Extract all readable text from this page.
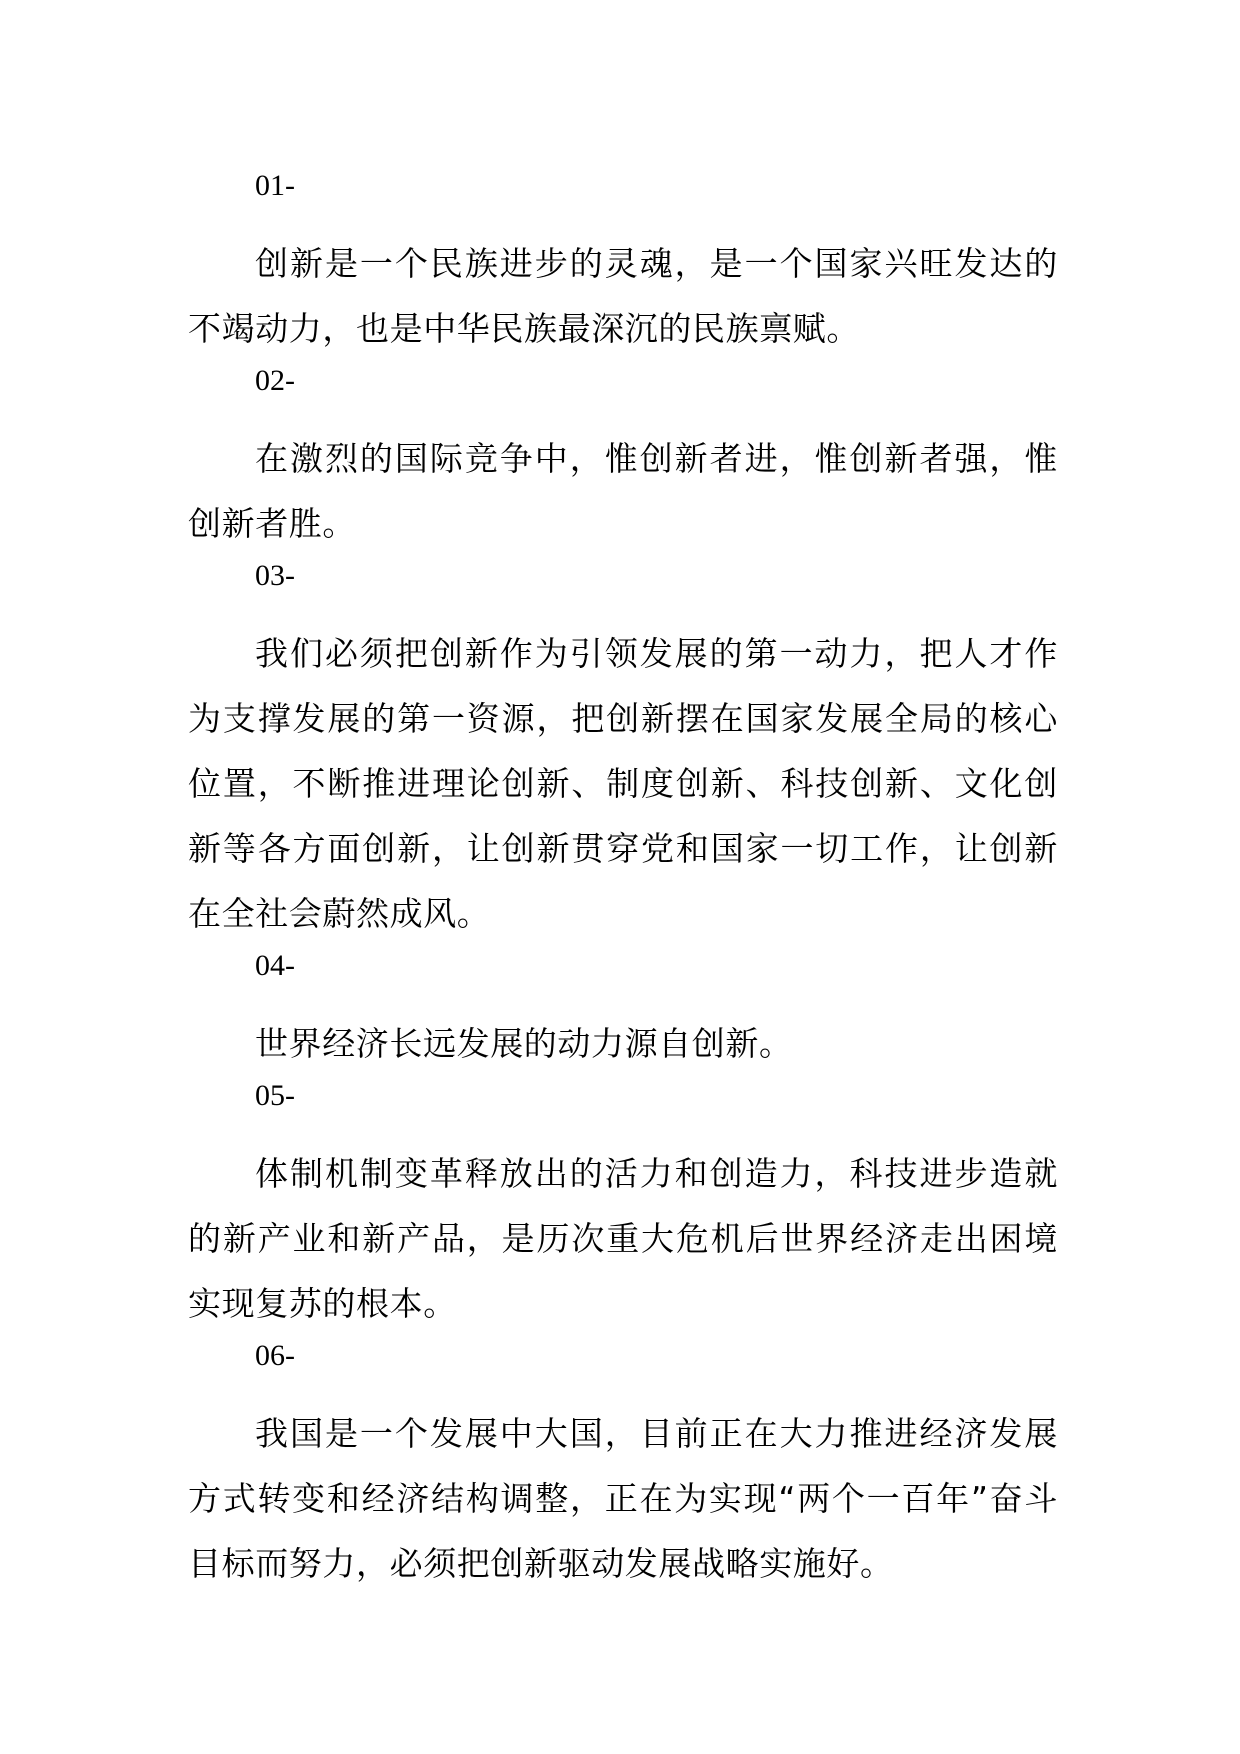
01-
创新是一个民族进步的灵魂，是一个国家兴旺发达的不竭动力，也是中华民族最深沉的民族禀赋。
02-
在激烈的国际竞争中，惟创新者进，惟创新者强，惟创新者胜。
03-
我们必须把创新作为引领发展的第一动力，把人才作为支撑发展的第一资源，把创新摆在国家发展全局的核心位置，不断推进理论创新、制度创新、科技创新、文化创新等各方面创新，让创新贯穿党和国家一切工作，让创新在全社会蔚然成风。
04-
世界经济长远发展的动力源自创新。
05-
体制机制变革释放出的活力和创造力，科技进步造就的新产业和新产品，是历次重大危机后世界经济走出困境实现复苏的根本。
06-
我国是一个发展中大国，目前正在大力推进经济发展方式转变和经济结构调整，正在为实现“两个一百年”奋斗目标而努力，必须把创新驱动发展战略实施好。
